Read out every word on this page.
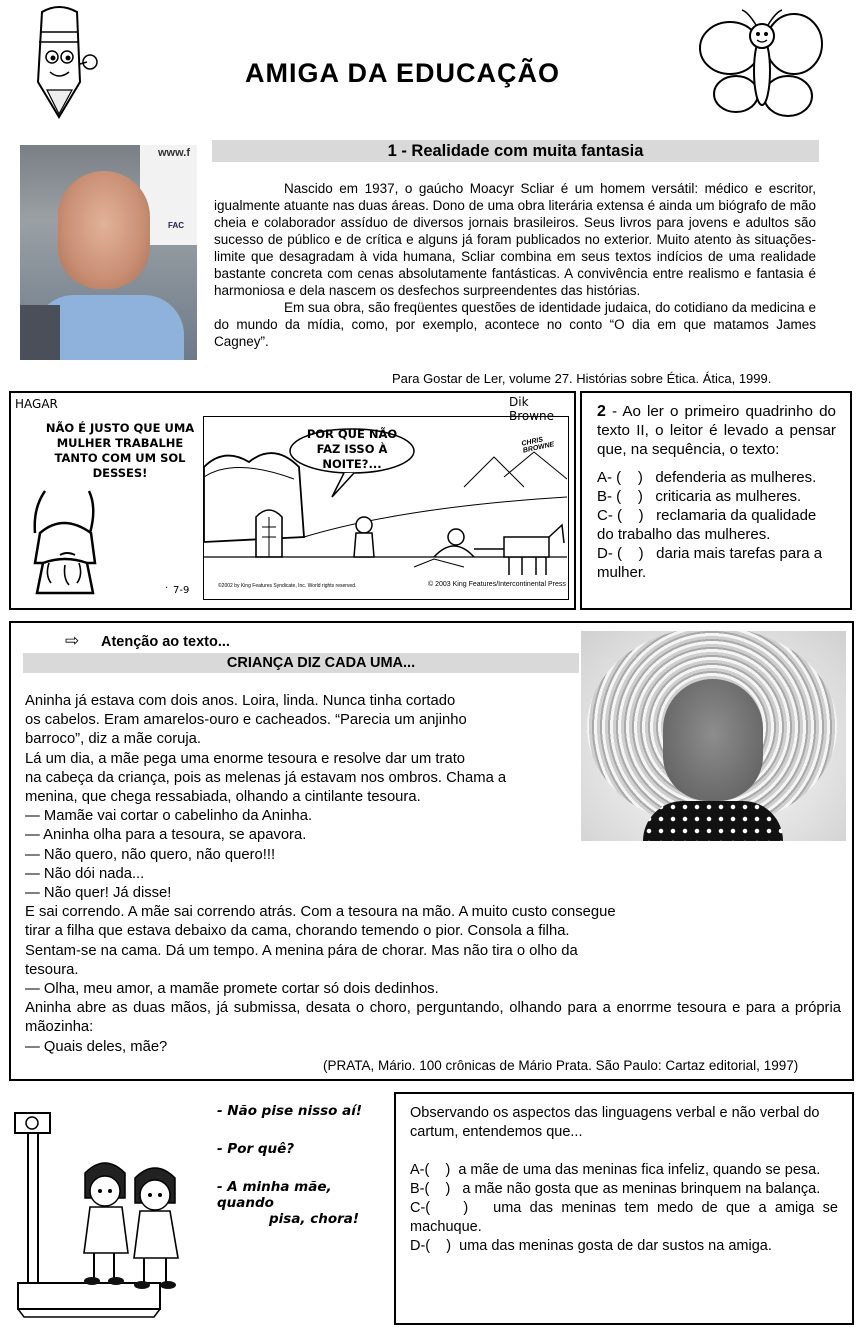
AMIGA DA EDUCAÇÃO
www.f
FAC
1 - Realidade com muita fantasia

Nascido em 1937, o gaúcho Moacyr Scliar é um homem versátil: médico e escritor, igualmente atuante nas duas áreas. Dono de uma obra literária extensa é ainda um biógrafo de mão cheia e colaborador assíduo de diversos jornais brasileiros. Seus livros para jovens e adultos são sucesso de público e de crítica e alguns já foram publicados no exterior. Muito atento às situações-limite que desagradam à vida humana, Scliar combina em seus textos indícios de uma realidade bastante concreta com cenas absolutamente fantásticas. A convivência entre realismo e fantasia é harmoniosa e dela nascem os desfechos surpreendentes das histórias.

Em sua obra, são freqüentes questões de identidade judaica, do cotidiano da medicina e do mundo da mídia, como, por exemplo, acontece no conto “O dia em que matamos James Cagney”.

Para Gostar de Ler, volume 27. Histórias sobre Ética. Ática, 1999.
HAGAR	Dik Browne
NÃO É JUSTO QUE UMA MULHER TRABALHE TANTO COM UM SOL DESSES!
. 7-9
POR QUE NÃO FAZ ISSO À NOITE?...
CHRIS BROWNE
©2002 by King Features Syndicate, Inc. World rights reserved.	© 2003 King Features/Intercontinental Press
2 - Ao ler o primeiro quadrinho do texto II, o leitor é levado a pensar que, na sequência, o texto:
A- (    )   defenderia as mulheres.
B- (    )   criticaria as mulheres.
C- (    )   reclamaria da qualidade do trabalho das mulheres.
D- (    )   daria mais tarefas para a mulher.
⇨ Atenção ao texto...
CRIANÇA DIZ CADA UMA...

Aninha já estava com dois anos. Loira, linda. Nunca tinha cortado

os cabelos. Eram amarelos-ouro e cacheados. “Parecia um anjinho

barroco”, diz a mãe coruja.

Lá um dia, a mãe pega uma enorme tesoura e resolve dar um trato

na cabeça da criança, pois as melenas já estavam nos ombros. Chama a

menina, que chega ressabiada, olhando a cintilante tesoura.

— Mamãe vai cortar o cabelinho da Aninha.

— Aninha olha para a tesoura, se apavora.

— Não quero, não quero, não quero!!!

— Não dói nada...

— Não quer! Já disse!

E sai correndo. A mãe sai correndo atrás. Com a tesoura na mão. A muito custo consegue

tirar a filha que estava debaixo da cama, chorando temendo o pior. Consola a filha.

Sentam-se na cama. Dá um tempo. A menina pára de chorar. Mas não tira o olho da

tesoura.

— Olha, meu amor, a mamãe promete cortar só dois dedinhos.

Aninha abre as duas mãos, já submissa, desata o choro, perguntando, olhando para a enorrme tesoura e para a própria mãozinha:

— Quais deles, mãe?

(PRATA, Mário. 100 crônicas de Mário Prata. São Paulo: Cartaz editorial, 1997)
- Não pise nisso aí!
- Por quê?
- A minha mãe, quando
pisa, chora!
Observando os aspectos das linguagens verbal e não verbal do cartum, entendemos que...
A-(    )  a mãe de uma das meninas fica infeliz, quando se pesa.
B-(    )   a mãe não gosta que as meninas brinquem na balança.
C-(    )   uma das meninas tem medo de que a amiga se machuque.
D-(    )  uma das meninas gosta de dar sustos na amiga.
